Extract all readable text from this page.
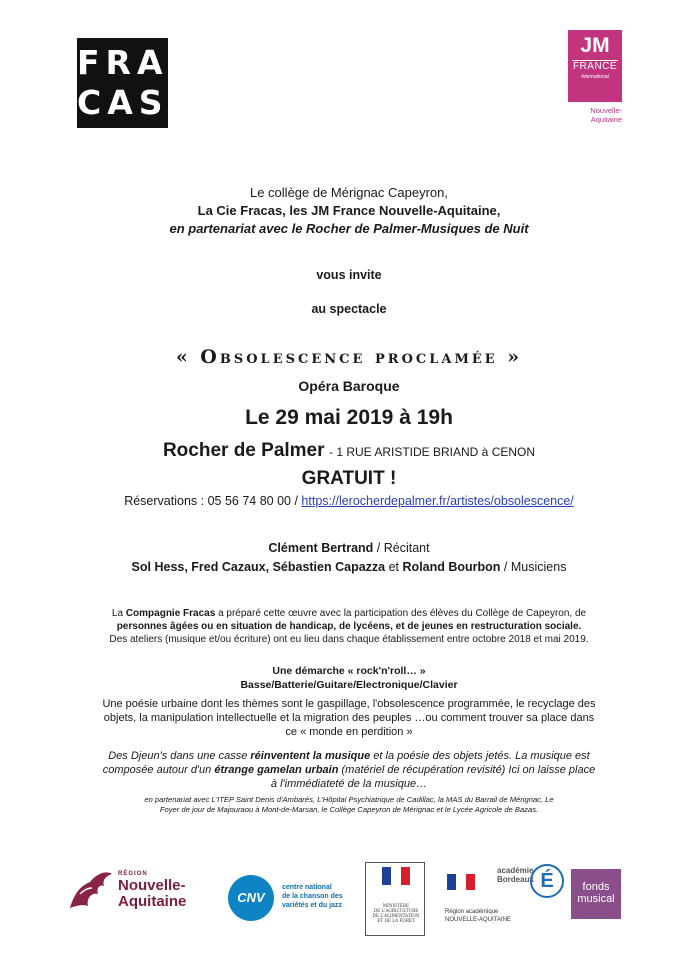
FRA
CAS
JM
FRANCE
International
Nouvelle-
Aquitaine
Le collège de Mérignac Capeyron,
La Cie Fracas, les JM France Nouvelle-Aquitaine,
en partenariat avec le Rocher de Palmer-Musiques de Nuit
vous invite
au spectacle
« Obsolescence proclamée »
Opéra Baroque
Le 29 mai 2019 à 19h
Rocher de Palmer - 1 RUE ARISTIDE BRIAND à CENON
GRATUIT !
Réservations : 05 56 74 80 00 / https://lerocherdepalmer.fr/artistes/obsolescence/
Clément Bertrand / Récitant
Sol Hess, Fred Cazaux, Sébastien Capazza et Roland Bourbon / Musiciens
La Compagnie Fracas a préparé cette œuvre avec la participation des élèves du Collège de Capeyron, de
personnes âgées ou en situation de handicap, de lycéens, et de jeunes en restructuration sociale.
Des ateliers (musique et/ou écriture) ont eu lieu dans chaque établissement entre octobre 2018 et mai 2019.
Une démarche « rock'n'roll… »
Basse/Batterie/Guitare/Electronique/Clavier
Une poésie urbaine dont les thèmes sont le gaspillage, l'obsolescence programmée, le recyclage des
objets, la manipulation intellectuelle et la migration des peuples …ou comment trouver sa place dans
ce « monde en perdition »
Des Djeun's dans une casse réinventent la musique et la poésie des objets jetés. La musique est
composée autour d'un étrange gamelan urbain (matériel de récupération revisité) Ici on laisse place
à l'immédiateté de la musique…
en partenariat avec L'ITEP Saint Denis d'Ambarès, L'Hôpital Psychiatrique de Cadillac, la MAS du Barrail de Mérignac, Le
Foyer de jour de Majouraou à Mont-de-Marsan, le Collège Capeyron de Mérignac et le Lycée Agricole de Bazas.
RÉGION
Nouvelle-
Aquitaine	CNV
centre national
de la chanson des
variétés et du jazz	MINISTÈRE
DE L'AGRICULTURE
DE L'ALIMENTATION
ET DE LA FORÊT
académie
Bordeaux É
Région académique
NOUVELLE-AQUITAINE
fonds
musical
